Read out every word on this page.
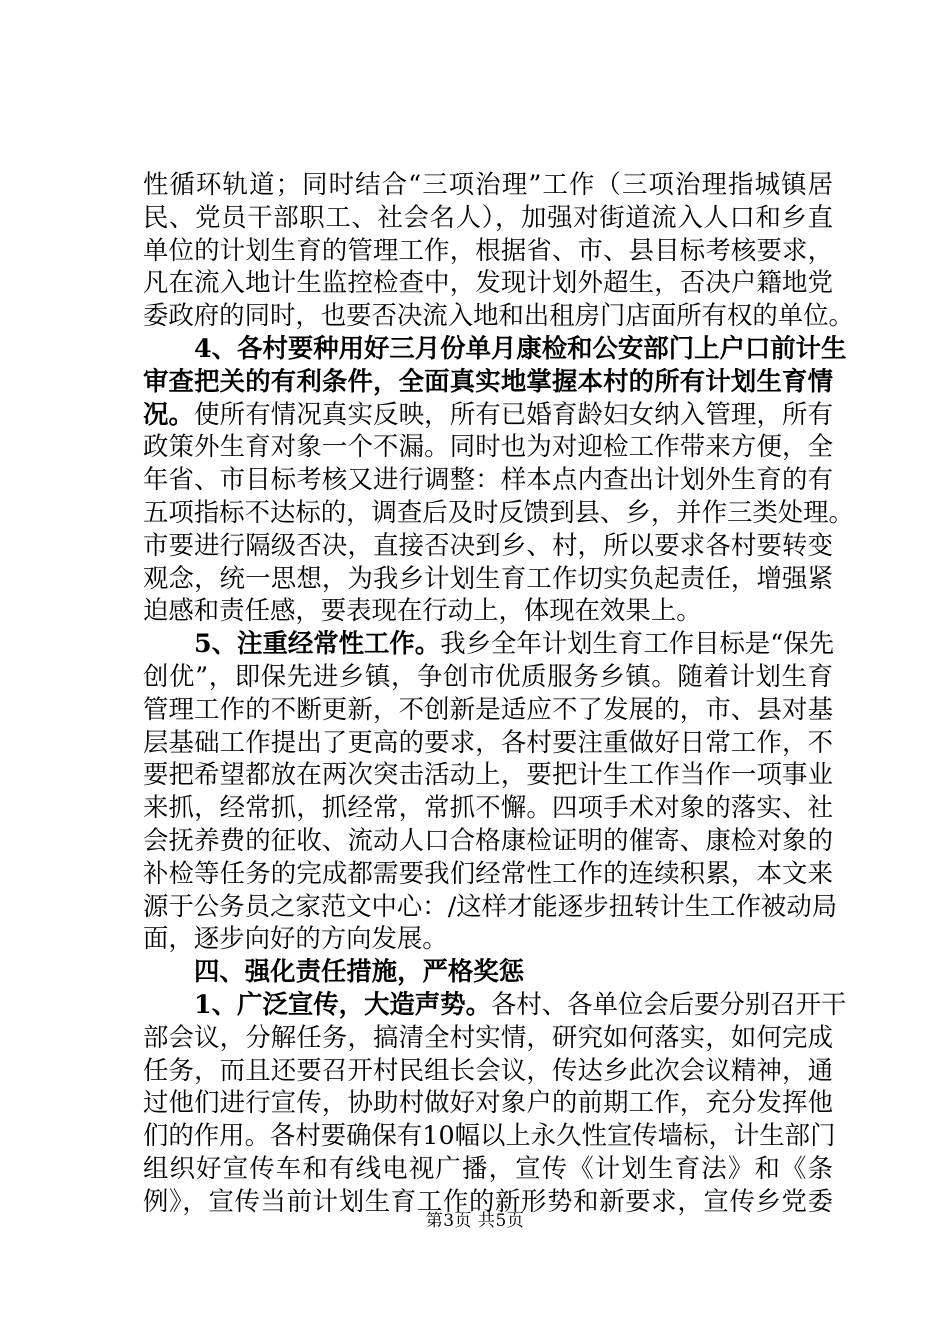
性循环轨道；同时结合“三项治理”工作（三项治理指城镇居
民、党员干部职工、社会名人），加强对街道流入人口和乡直
单位的计划生育的管理工作，根据省、市、县目标考核要求，
凡在流入地计生监控检查中，发现计划外超生，否决户籍地党
委政府的同时，也要否决流入地和出租房门店面所有权的单位。
4、各村要种用好三月份单月康检和公安部门上户口前计生
审查把关的有利条件，全面真实地掌握本村的所有计划生育情
况。使所有情况真实反映，所有已婚育龄妇女纳入管理，所有
政策外生育对象一个不漏。同时也为对迎检工作带来方便，全
年省、市目标考核又进行调整：样本点内查出计划外生育的有
五项指标不达标的，调查后及时反馈到县、乡，并作三类处理。
市要进行隔级否决，直接否决到乡、村，所以要求各村要转变
观念，统一思想，为我乡计划生育工作切实负起责任，增强紧
迫感和责任感，要表现在行动上，体现在效果上。
5、注重经常性工作。我乡全年计划生育工作目标是“保先
创优”，即保先进乡镇，争创市优质服务乡镇。随着计划生育
管理工作的不断更新，不创新是适应不了发展的，市、县对基
层基础工作提出了更高的要求，各村要注重做好日常工作，不
要把希望都放在两次突击活动上，要把计生工作当作一项事业
来抓，经常抓，抓经常，常抓不懈。四项手术对象的落实、社
会抚养费的征收、流动人口合格康检证明的催寄、康检对象的
补检等任务的完成都需要我们经常性工作的连续积累，本文来
源于公务员之家范文中心：/这样才能逐步扭转计生工作被动局
面，逐步向好的方向发展。
四、强化责任措施，严格奖惩
1、广泛宣传，大造声势。各村、各单位会后要分别召开干
部会议，分解任务，搞清全村实情，研究如何落实，如何完成
任务，而且还要召开村民组长会议，传达乡此次会议精神，通
过他们进行宣传，协助村做好对象户的前期工作，充分发挥他
们的作用。各村要确保有10幅以上永久性宣传墙标，计生部门
组织好宣传车和有线电视广播，宣传《计划生育法》和《条
例》，宣传当前计划生育工作的新形势和新要求，宣传乡党委
第3页 共5页
